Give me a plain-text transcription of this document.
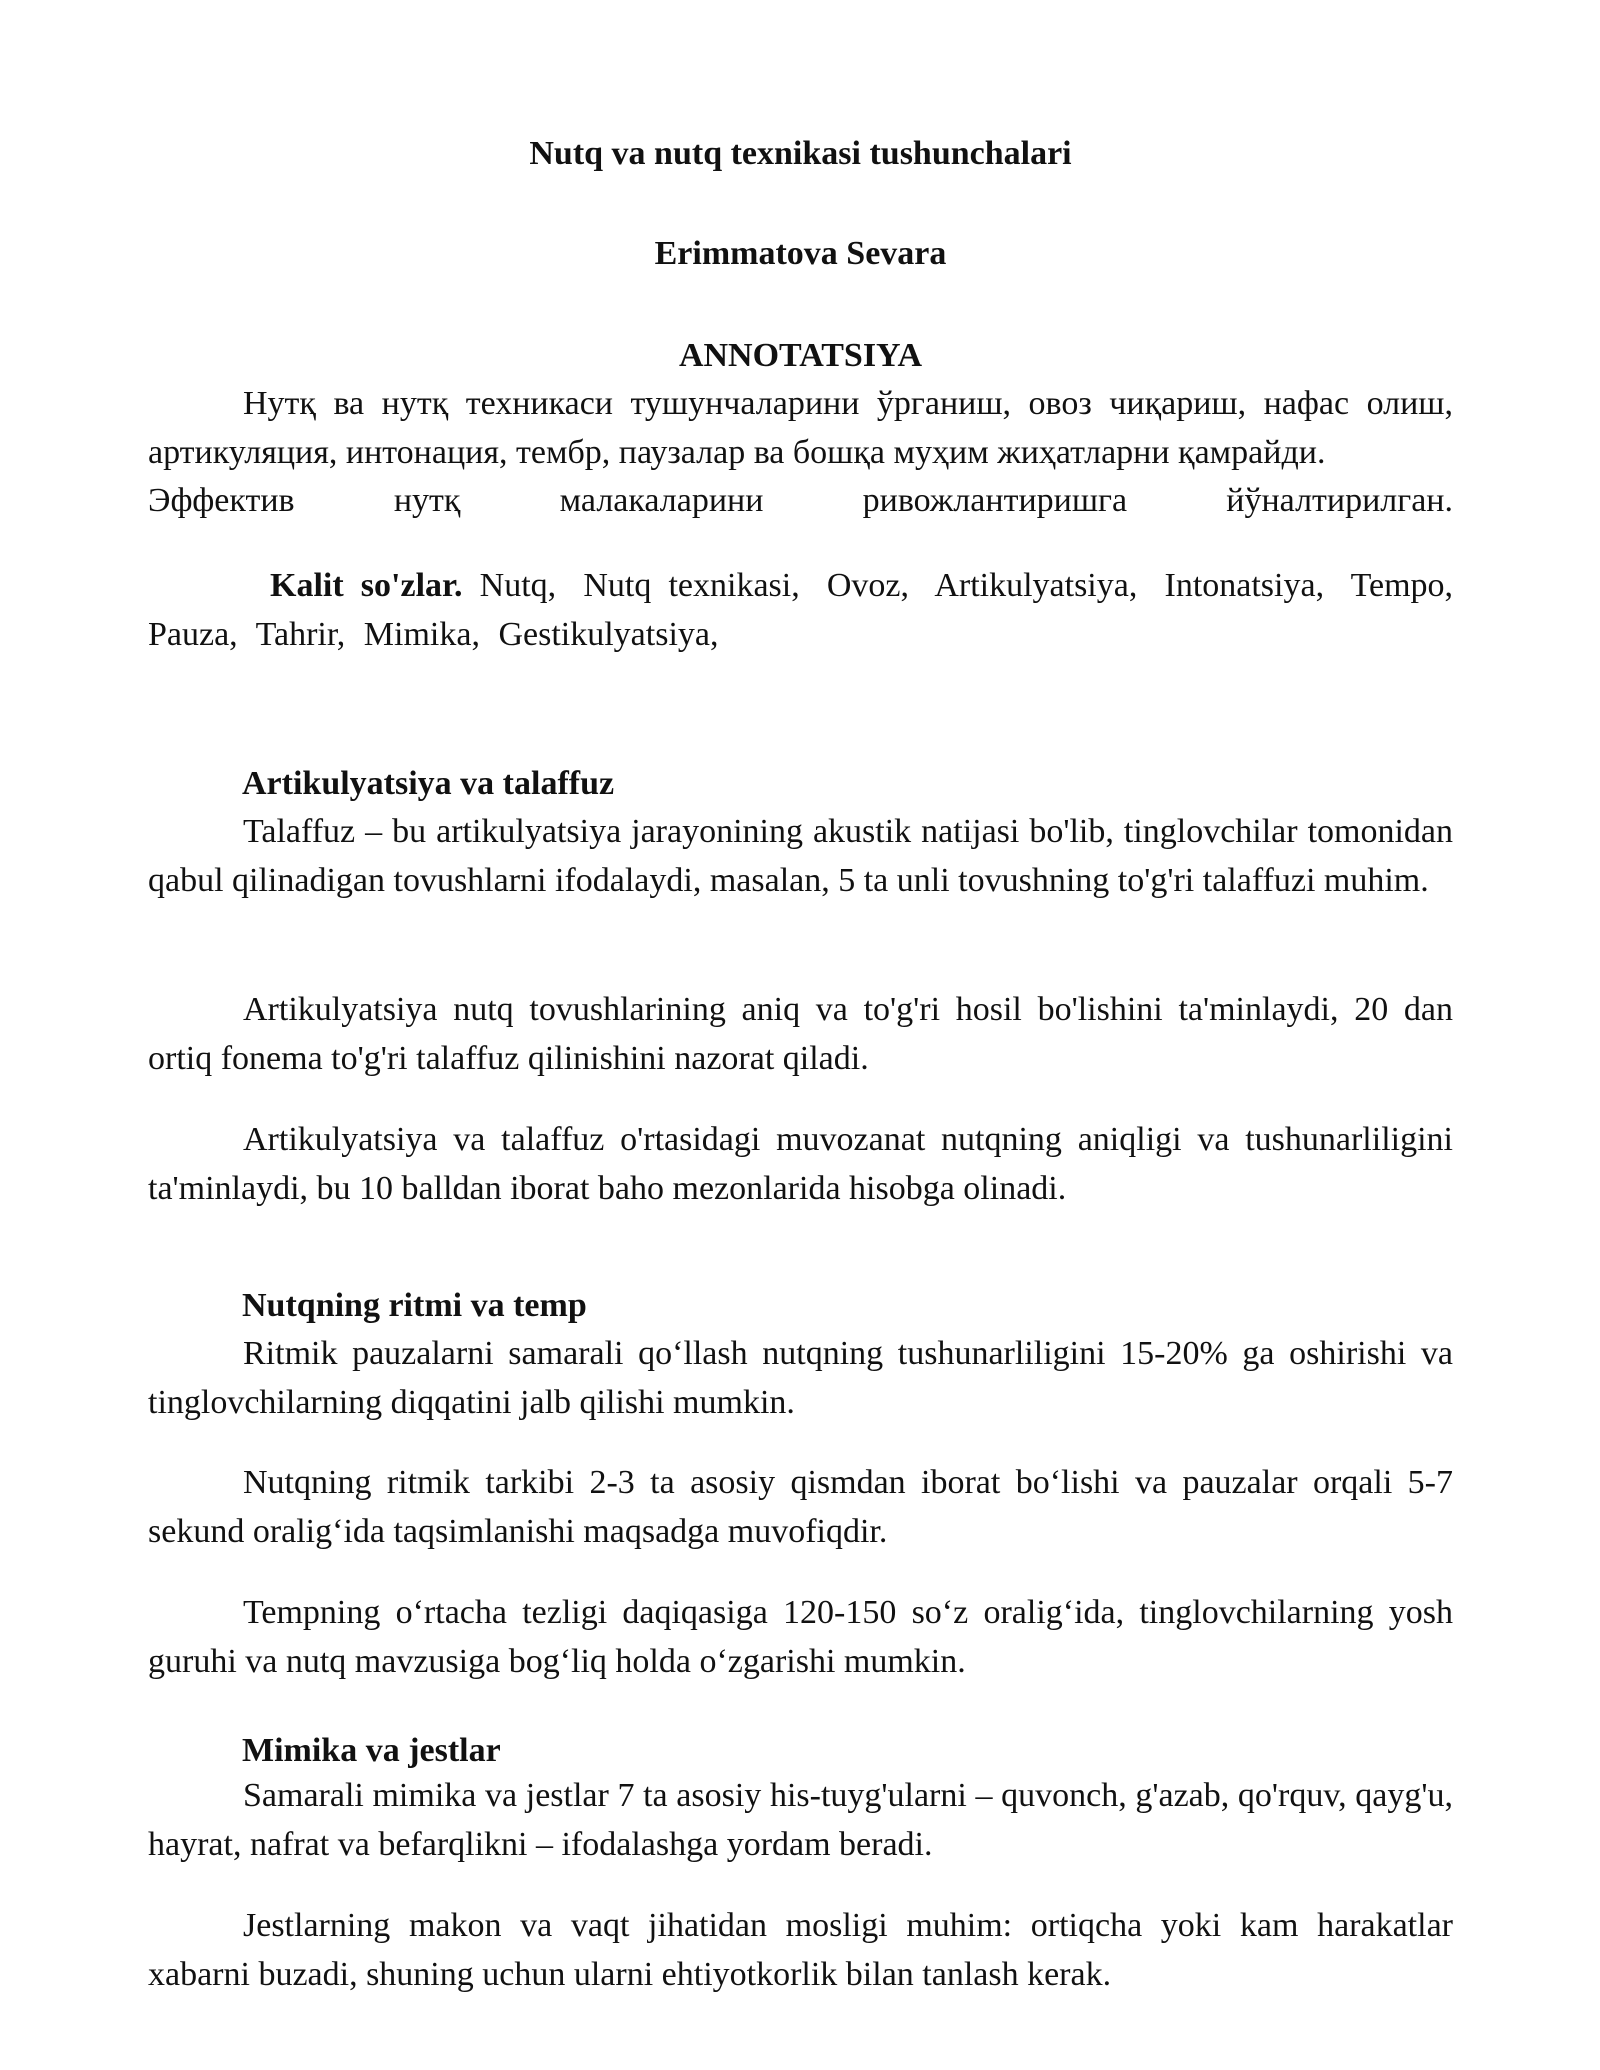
Nutq va nutq texnikasi tushunchalari
Erimmatova Sevara
ANNOTATSIYA

Нутқ ва нутқ техникаси тушунчаларини ўрганиш, овоз чиқариш, нафас олиш, артикуляция, интонация, тембр, паузалар ва бошқа муҳим жиҳатларни қамрайди.

Эффектив нутқ малакаларини ривожлантиришга йўналтирилган.

Kalit so'zlar. Nutq, Nutq texnikasi, Ovoz, Artikulyatsiya, Intonatsiya, Tempo, Pauza, Tahrir, Mimika, Gestikulyatsiya,

Artikulyatsiya va talaffuz

Talaffuz – bu artikulyatsiya jarayonining akustik natijasi bo'lib, tinglovchilar tomonidan qabul qilinadigan tovushlarni ifodalaydi, masalan, 5 ta unli tovushning to'g'ri talaffuzi muhim.

Artikulyatsiya nutq tovushlarining aniq va to'g'ri hosil bo'lishini ta'minlaydi, 20 dan ortiq fonema to'g'ri talaffuz qilinishini nazorat qiladi.

Artikulyatsiya va talaffuz o'rtasidagi muvozanat nutqning aniqligi va tushunarliligini ta'minlaydi, bu 10 balldan iborat baho mezonlarida hisobga olinadi.

Nutqning ritmi va temp

Ritmik pauzalarni samarali qoʻllash nutqning tushunarliligini 15-20% ga oshirishi va tinglovchilarning diqqatini jalb qilishi mumkin.

Nutqning ritmik tarkibi 2-3 ta asosiy qismdan iborat boʻlishi va pauzalar orqali 5-7 sekund oraligʻida taqsimlanishi maqsadga muvofiqdir.

Tempning oʻrtacha tezligi daqiqasiga 120-150 soʻz oraligʻida, tinglovchilarning yosh guruhi va nutq mavzusiga bogʻliq holda oʻzgarishi mumkin.

Mimika va jestlar

Samarali mimika va jestlar 7 ta asosiy his-tuyg'ularni – quvonch, g'azab, qo'rquv, qayg'u, hayrat, nafrat va befarqlikni – ifodalashga yordam beradi.

Jestlarning makon va vaqt jihatidan mosligi muhim: ortiqcha yoki kam harakatlar xabarni buzadi, shuning uchun ularni ehtiyotkorlik bilan tanlash kerak.
